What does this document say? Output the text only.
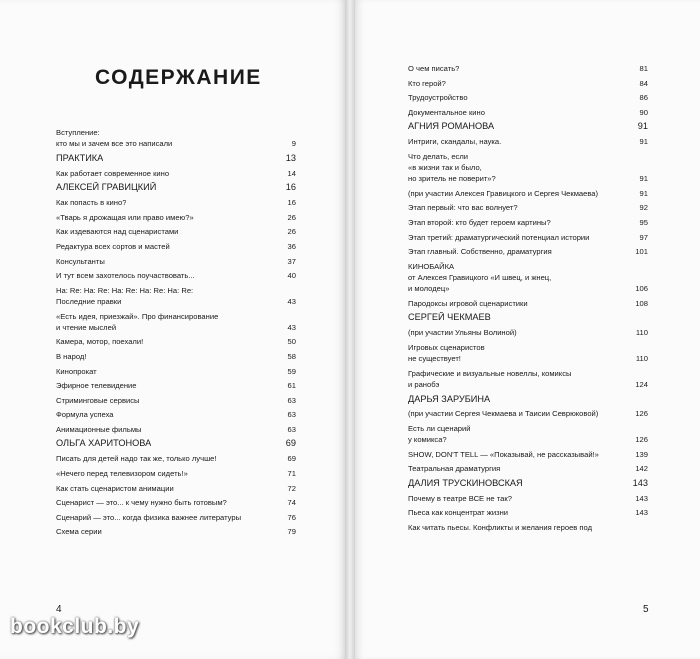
СОДЕРЖАНИЕ
Вступление:
кто мы и зачем все это написали	9
ПРАКТИКА	13
Как работает современное кино	14
АЛЕКСЕЙ ГРАВИЦКИЙ	16
Как попасть в кино?	16
«Тварь я дрожащая или право имею?»	26
Как издеваются над сценаристами	26
Редактура всех сортов и мастей	36
Консультанты	37
И тут всем захотелось поучаствовать...	40
На: Re: На: Re: На: Re: На: Re: На: Re:
Последние правки	43
«Есть идея, приезжай». Про финансирование
и чтение мыслей	43
Камера, мотор, поехали!	50
В народ!	58
Кинопрокат	59
Эфирное телевидение	61
Стриминговые сервисы	63
Формула успеха	63
Анимационные фильмы	63
ОЛЬГА ХАРИТОНОВА	69
Писать для детей надо так же, только лучше!	69
«Нечего перед телевизором сидеть!»	71
Как стать сценаристом анимации	72
Сценарист — это... к чему нужно быть готовым?	74
Сценарий — это... когда физика важнее литературы	76
Схема серии	79
4
О чем писать?	81
Кто герой?	84
Трудоустройство	86
Документальное кино	90
АГНИЯ РОМАНОВА	91
Интриги, скандалы, наука.	91
Что делать, если
«в жизни так и было,
но зритель не поверит»?	91
(при участии Алексея Гравицкого и Сергея Чекмаева)	91
Этап первый: что вас волнует?	92
Этап второй: кто будет героем картины?	95
Этап третий: драматургический потенциал истории	97
Этап главный. Собственно, драматургия	101
КИНОБАЙКА
от Алексея Гравицкого «И швец, и жнец,
и молодец»	106
Пародоксы игровой сценаристики	108
СЕРГЕЙ ЧЕКМАЕВ
(при участии Ульяны Волиной)	110
Игровых сценаристов
не существует!	110
Графические и визуальные новеллы, комиксы
и ранобэ	124
ДАРЬЯ ЗАРУБИНА
(при участии Сергея Чекмаева и Таисии Севрюковой)	126
Есть ли сценарий
у комикса?	126
SHOW, DON'T TELL — «Показывай, не рассказывай!»	139
Театральная драматургия	142
ДАЛИЯ ТРУСКИНОВСКАЯ	143
Почему в театре ВСЕ не так?	143
Пьеса как концентрат жизни	143
Как читать пьесы. Конфликты и желания героев под
5
bookclub.by
